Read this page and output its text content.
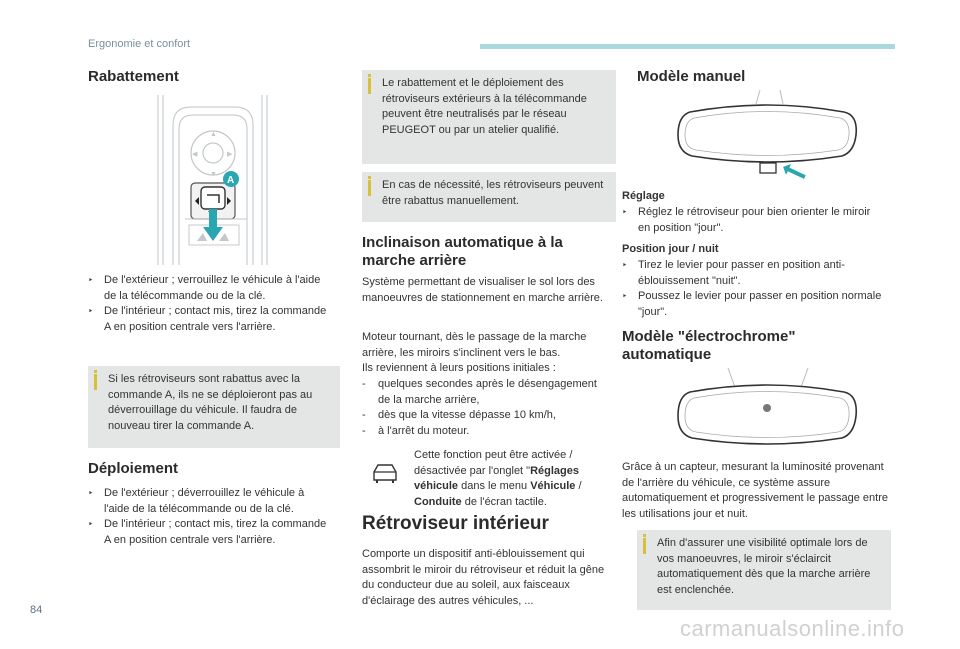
Ergonomie et confort
Rabattement
▲
▼
◀	▶
A
‣ De l'extérieur ; verrouillez le véhicule à l'aide de la télécommande ou de la clé.
‣ De l'intérieur ; contact mis, tirez la commande A en position centrale vers l'arrière.
Si les rétroviseurs sont rabattus avec la commande A, ils ne se déploieront pas au déverrouillage du véhicule. Il faudra de nouveau tirer la commande A.
Déploiement
‣ De l'extérieur ; déverrouillez le véhicule à l'aide de la télécommande ou de la clé.
‣ De l'intérieur ; contact mis, tirez la commande A en position centrale vers l'arrière.
Le rabattement et le déploiement des rétroviseurs extérieurs à la télécommande peuvent être neutralisés par le réseau PEUGEOT ou par un atelier qualifié.
En cas de nécessité, les rétroviseurs peuvent être rabattus manuellement.
Inclinaison automatique à la marche arrière
Système permettant de visualiser le sol lors des manoeuvres de stationnement en marche arrière.
Moteur tournant, dès le passage de la marche arrière, les miroirs s'inclinent vers le bas.
Ils reviennent à leurs positions initiales :
- quelques secondes après le désengagement de la marche arrière,
- dès que la vitesse dépasse 10 km/h,
- à l'arrêt du moteur.
Cette fonction peut être activée / désactivée par l'onglet "Réglages véhicule dans le menu Véhicule / Conduite de l'écran tactile.
Rétroviseur intérieur
Comporte un dispositif anti-éblouissement qui assombrit le miroir du rétroviseur et réduit la gêne du conducteur due au soleil, aux faisceaux d'éclairage des autres véhicules, ...
Modèle manuel
Réglage
‣ Réglez le rétroviseur pour bien orienter le miroir en position "jour".
Position jour / nuit
‣ Tirez le levier pour passer en position anti-éblouissement "nuit".
‣ Poussez le levier pour passer en position normale "jour".
Modèle "électrochrome" automatique
Grâce à un capteur, mesurant la luminosité provenant de l'arrière du véhicule, ce système assure automatiquement et progressivement le passage entre les utilisations jour et nuit.
Afin d'assurer une visibilité optimale lors de vos manoeuvres, le miroir s'éclaircit automatiquement dès que la marche arrière est enclenchée.
84
carmanualsonline.info
